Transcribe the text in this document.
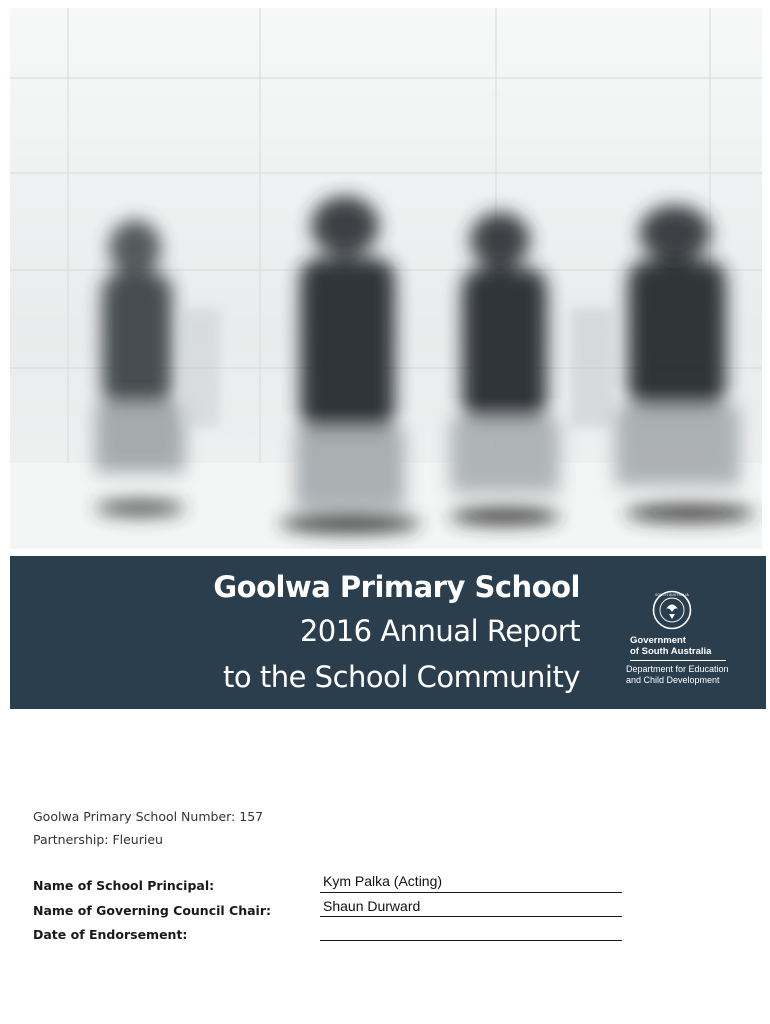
Goolwa Primary School
2016 Annual Report
to the School Community
SOUTH AUSTRALIA
Government
of South Australia
Department for Education
and Child Development
Goolwa Primary School Number: 157
Partnership: Fleurieu
Name of School Principal:	Kym Palka (Acting)
Name of Governing Council Chair:	Shaun Durward
Date of Endorsement:
